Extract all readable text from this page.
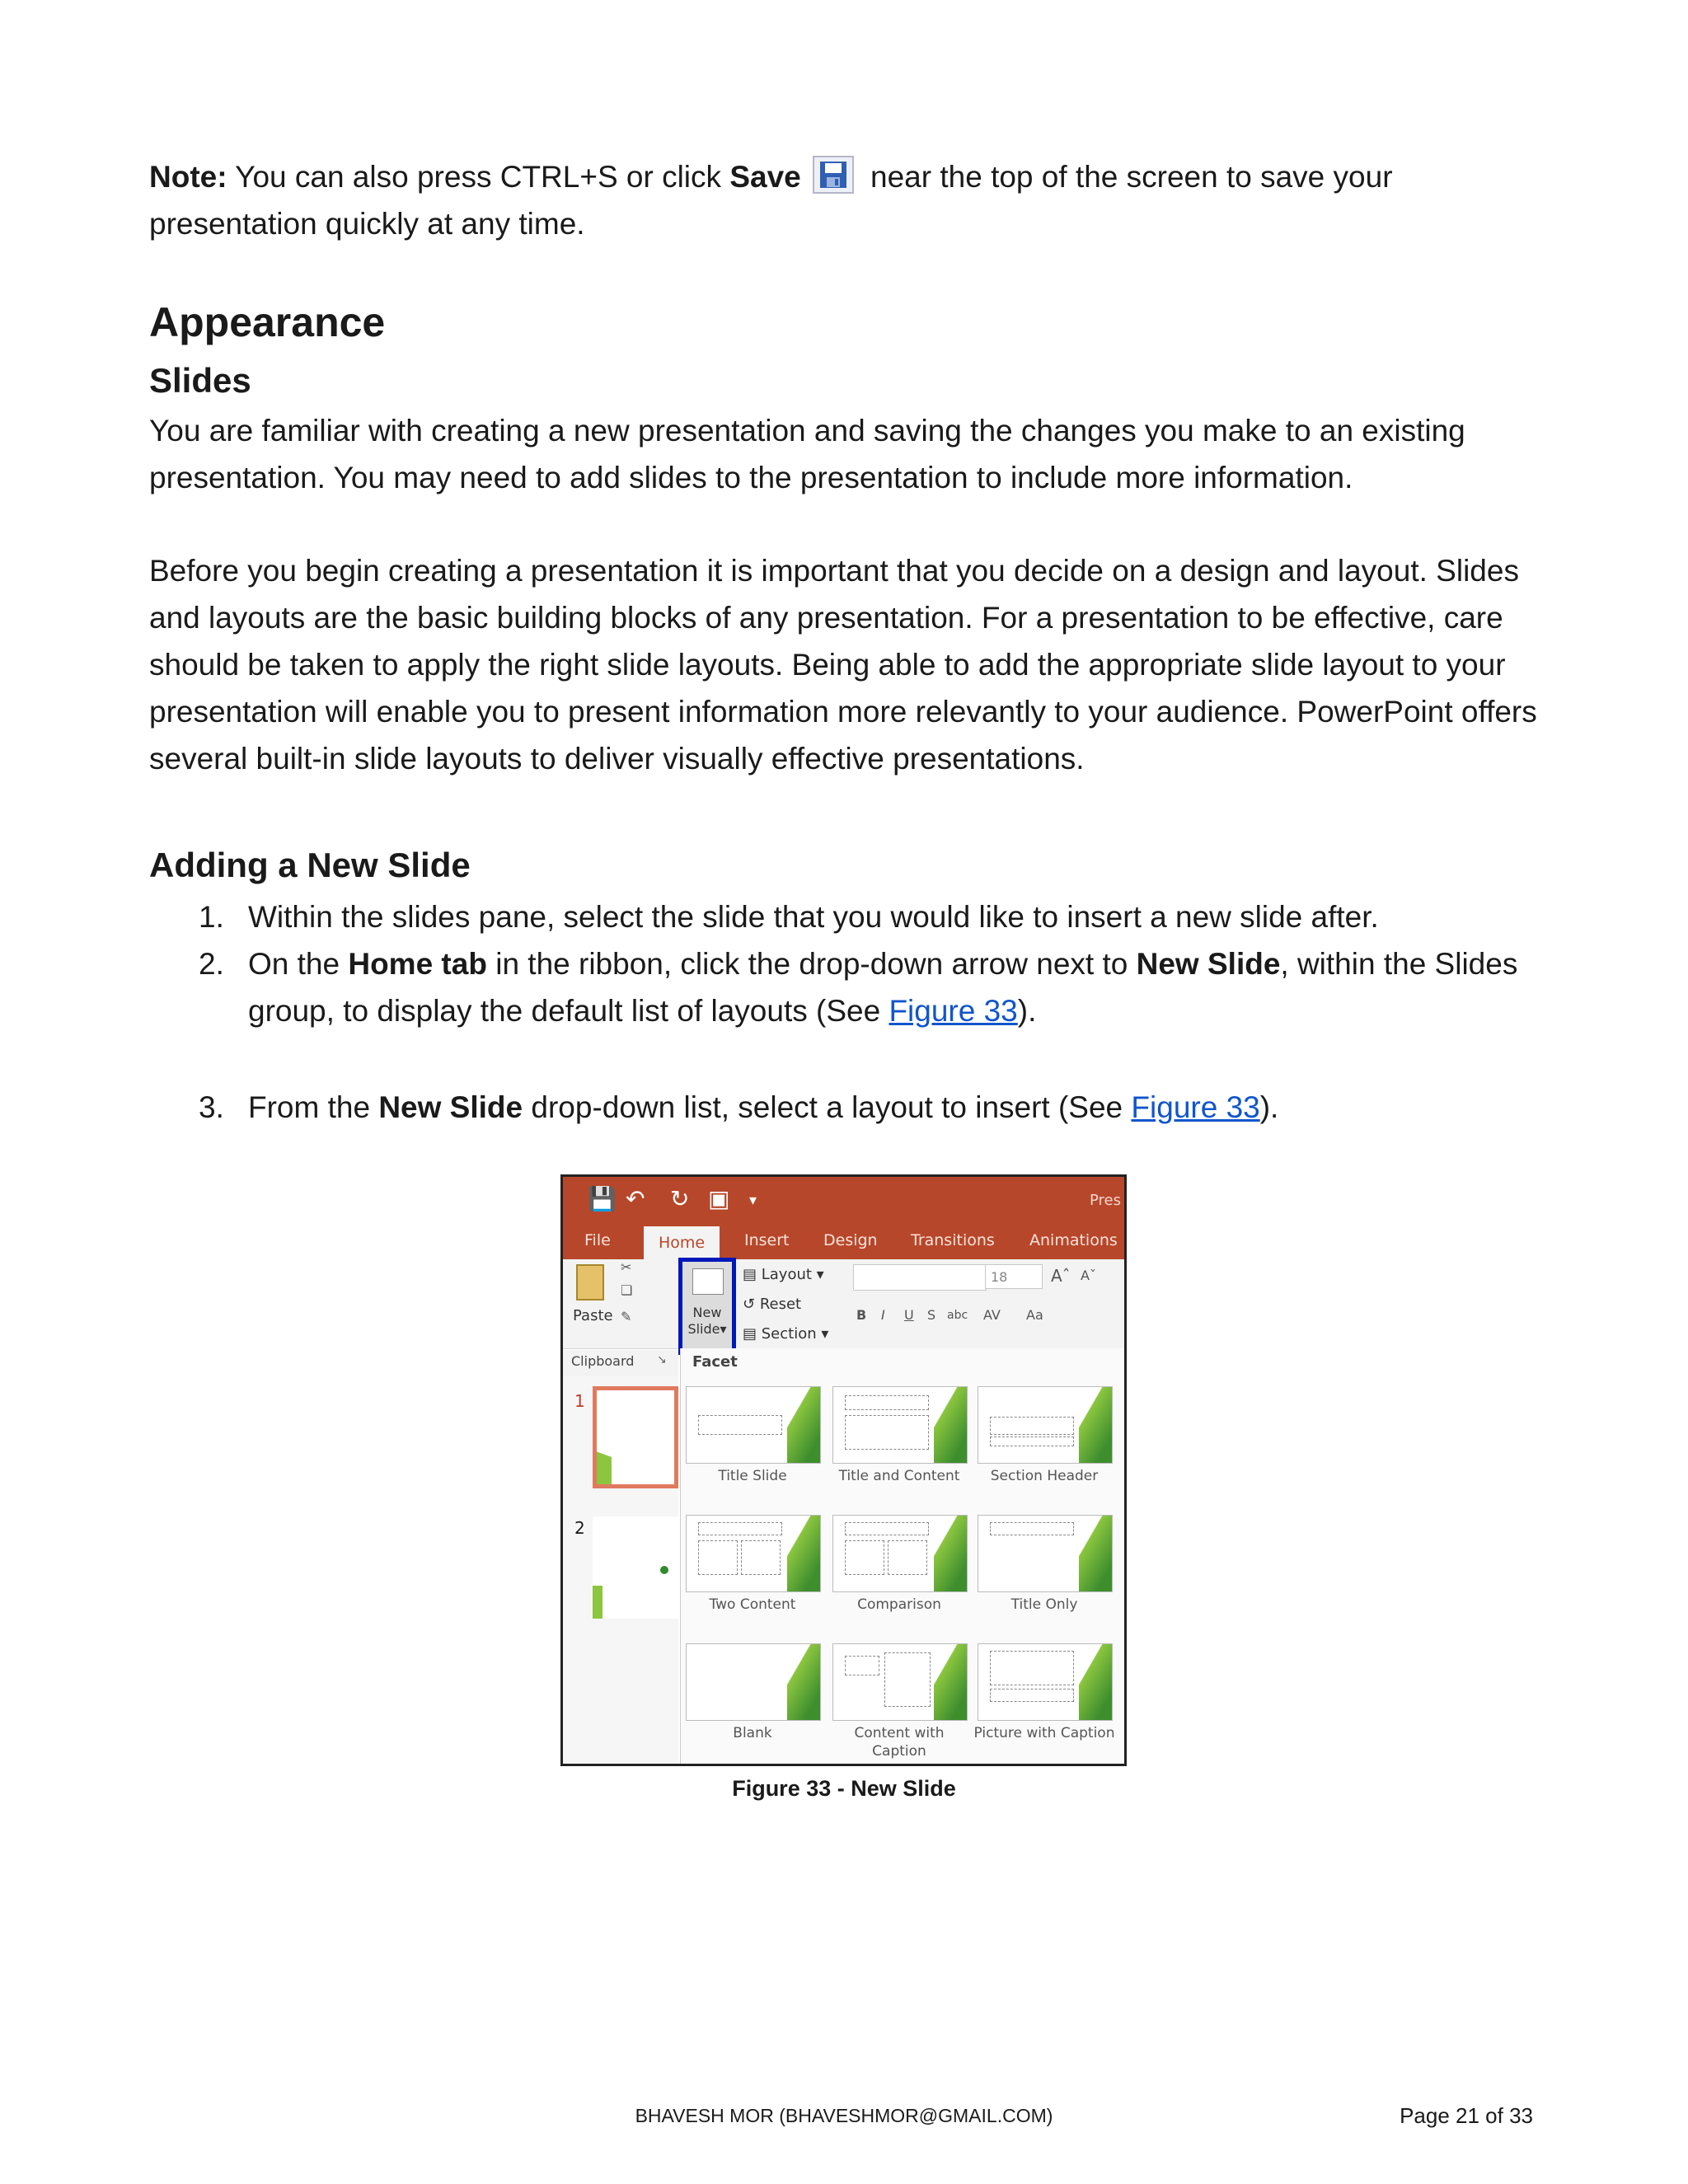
Note: You can also press CTRL+S or click Save
near the top of the screen to save your presentation quickly at any time.
Appearance
Slides
You are familiar with creating a new presentation and saving the changes you make to an existing presentation. You may need to add slides to the presentation to include more information.
Before you begin creating a presentation it is important that you decide on a design and layout. Slides and layouts are the basic building blocks of any presentation. For a presentation to be effective, care should be taken to apply the right slide layouts. Being able to add the appropriate slide layout to your presentation will enable you to present information more relevantly to your audience. PowerPoint offers several built-in slide layouts to deliver visually effective presentations.
Adding a New Slide
1. Within the slides pane, select the slide that you would like to insert a new slide after.
2. On the Home tab in the ribbon, click the drop-down arrow next to New Slide, within the Slides group, to display the default list of layouts (See Figure 33).
3. From the New Slide drop-down list, select a layout to insert (See Figure 33).
💾 ↶ ↻ ▣ ▾	Pres
File	Home	Insert Design Transitions Animations
Paste
✂
❏
✎
▤ Layout ▾
↺ Reset
▤ Section ▾
18	Aˆ Aˇ
B I U S abc AV Aa
New
Slide▾
Clipboard ↘
1
2
Facet
Title Slide	Title and Content	Section Header
Two Content	Comparison	Title Only
Blank	Content with Caption
Picture with Caption
Figure 33 - New Slide
BHAVESH MOR (BHAVESHMOR@GMAIL.COM)	Page 21 of 33
